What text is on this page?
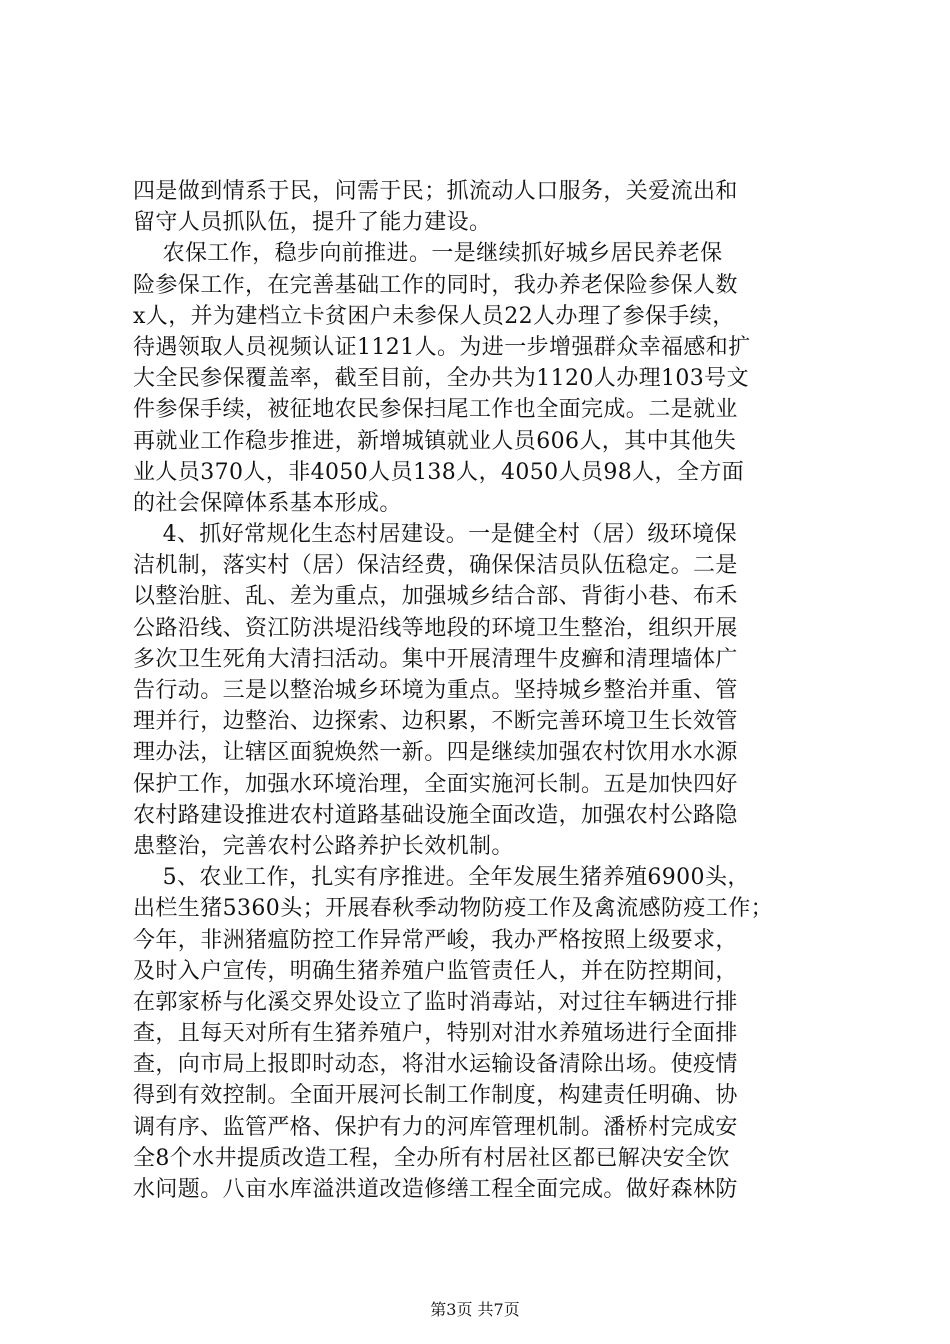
四是做到情系于民，问需于民；抓流动人口服务，关爱流出和
留守人员抓队伍，提升了能力建设。
农保工作，稳步向前推进。一是继续抓好城乡居民养老保
险参保工作，在完善基础工作的同时，我办养老保险参保人数
x人，并为建档立卡贫困户未参保人员22人办理了参保手续，
待遇领取人员视频认证1121人。为进一步增强群众幸福感和扩
大全民参保覆盖率，截至目前，全办共为1120人办理103号文
件参保手续，被征地农民参保扫尾工作也全面完成。二是就业
再就业工作稳步推进，新增城镇就业人员606人，其中其他失
业人员370人，非4050人员138人，4050人员98人，全方面
的社会保障体系基本形成。
4、抓好常规化生态村居建设。一是健全村（居）级环境保
洁机制，落实村（居）保洁经费，确保保洁员队伍稳定。二是
以整治脏、乱、差为重点，加强城乡结合部、背街小巷、布禾
公路沿线、资江防洪堤沿线等地段的环境卫生整治，组织开展
多次卫生死角大清扫活动。集中开展清理牛皮癣和清理墙体广
告行动。三是以整治城乡环境为重点。坚持城乡整治并重、管
理并行，边整治、边探索、边积累，不断完善环境卫生长效管
理办法，让辖区面貌焕然一新。四是继续加强农村饮用水水源
保护工作，加强水环境治理，全面实施河长制。五是加快四好
农村路建设推进农村道路基础设施全面改造，加强农村公路隐
患整治，完善农村公路养护长效机制。
5、农业工作，扎实有序推进。全年发展生猪养殖6900头，
出栏生猪5360头；开展春秋季动物防疫工作及禽流感防疫工作；
今年，非洲猪瘟防控工作异常严峻，我办严格按照上级要求，
及时入户宣传，明确生猪养殖户监管责任人，并在防控期间，
在郭家桥与化溪交界处设立了监时消毒站，对过往车辆进行排
查，且每天对所有生猪养殖户，特别对泔水养殖场进行全面排
查，向市局上报即时动态，将泔水运输设备清除出场。使疫情
得到有效控制。全面开展河长制工作制度，构建责任明确、协
调有序、监管严格、保护有力的河库管理机制。潘桥村完成安
全8个水井提质改造工程，全办所有村居社区都已解决安全饮
水问题。八亩水库溢洪道改造修缮工程全面完成。做好森林防
第3页 共7页
